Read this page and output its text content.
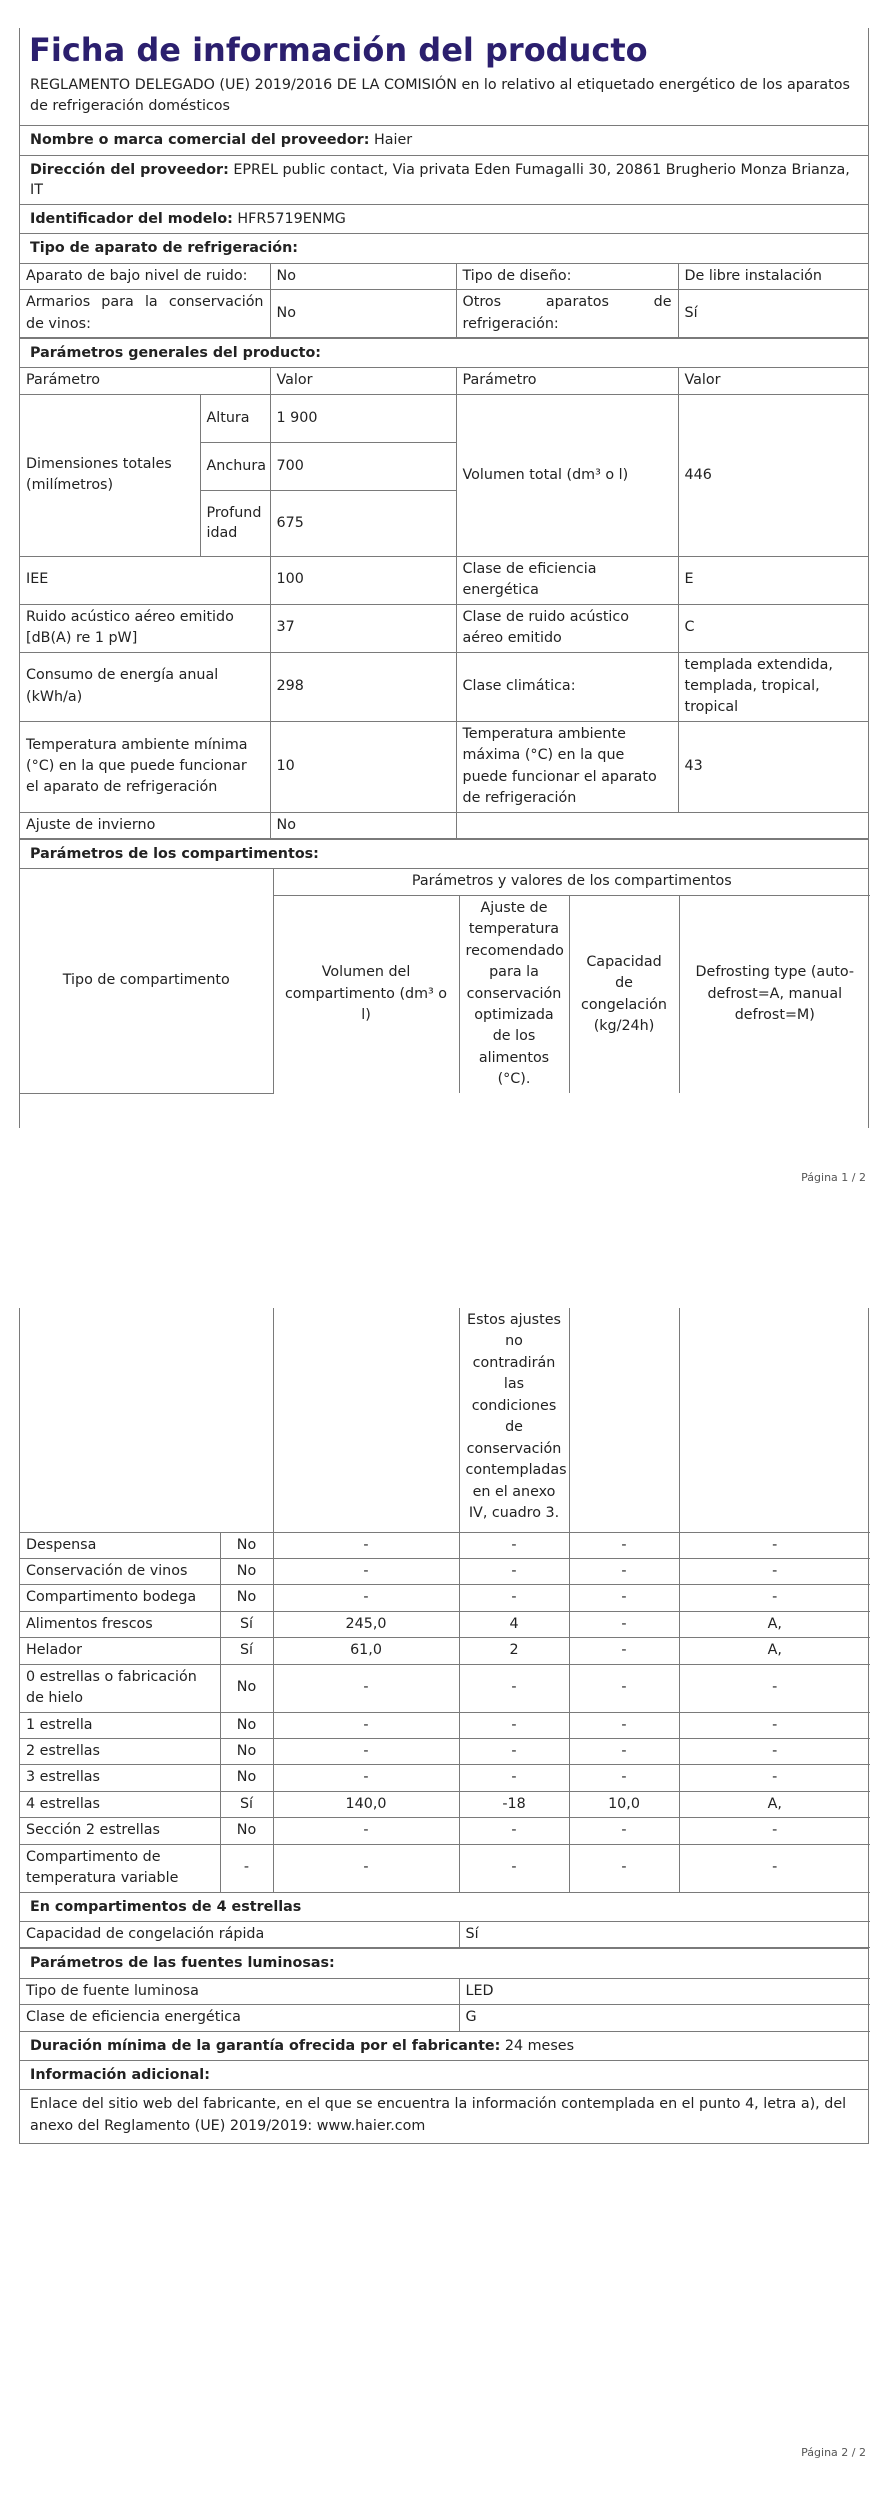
Ficha de información del producto
REGLAMENTO DELEGADO (UE) 2019/2016 DE LA COMISIÓN en lo relativo al etiquetado energético de los aparatos de refrigeración domésticos
Nombre o marca comercial del proveedor: Haier
Dirección del proveedor: EPREL public contact, Via privata Eden Fumagalli 30, 20861 Brugherio Monza Brianza, IT
Identificador del modelo: HFR5719ENMG
Tipo de aparato de refrigeración:
Aparato de bajo nivel de ruido:	No	Tipo de diseño:	De libre instalación
Armarios para la conservación de vinos:	No	Otros aparatos de refrigeración:	Sí
Parámetros generales del producto:
Parámetro		Valor	Parámetro	Valor
Dimensiones totales (milímetros)	Altura	1 900	Volumen total (dm³ o l)	446
	Anchura	700		
	Profundidad	675		
IEE		100	Clase de eficiencia energética	E
Ruido acústico aéreo emitido [dB(A) re 1 pW]		37	Clase de ruido acústico aéreo emitido	C
Consumo de energía anual (kWh/a)		298	Clase climática:	templada extendida, templada, tropical, tropical
Temperatura ambiente mínima (°C) en la que puede funcionar el aparato de refrigeración		10	Temperatura ambiente máxima (°C) en la que puede funcionar el aparato de refrigeración	43
Ajuste de invierno		No		
Parámetros de los compartimentos:
Tipo de compartimento	Parámetros y valores de los compartimentos			
	Volumen del compartimento (dm³ o l)	Ajuste de temperatura recomendado para la conservación optimizada de los alimentos (°C).	Capacidad de congelación (kg/24h)	Defrosting type (auto-defrost=A, manual defrost=M)
Página 1 / 2
			Estos ajustes no contradirán las condiciones de conservación contempladas en el anexo IV, cuadro 3.		
Despensa	No	-	-	-	-
Conservación de vinos	No	-	-	-	-
Compartimento bodega	No	-	-	-	-
Alimentos frescos	Sí	245,0	4	-	A,
Helador	Sí	61,0	2	-	A,
0 estrellas o fabricación de hielo	No	-	-	-	-
1 estrella	No	-	-	-	-
2 estrellas	No	-	-	-	-
3 estrellas	No	-	-	-	-
4 estrellas	Sí	140,0	-18	10,0	A,
Sección 2 estrellas	No	-	-	-	-
Compartimento de temperatura variable	-	-	-	-	-
En compartimentos de 4 estrellas
Capacidad de congelación rápida	Sí
Parámetros de las fuentes luminosas:
Tipo de fuente luminosa	LED
Clase de eficiencia energética	G
Duración mínima de la garantía ofrecida por el fabricante: 24 meses
Información adicional:
Enlace del sitio web del fabricante, en el que se encuentra la información contemplada en el punto 4, letra a), del anexo del Reglamento (UE) 2019/2019: www.haier.com
Página 2 / 2
